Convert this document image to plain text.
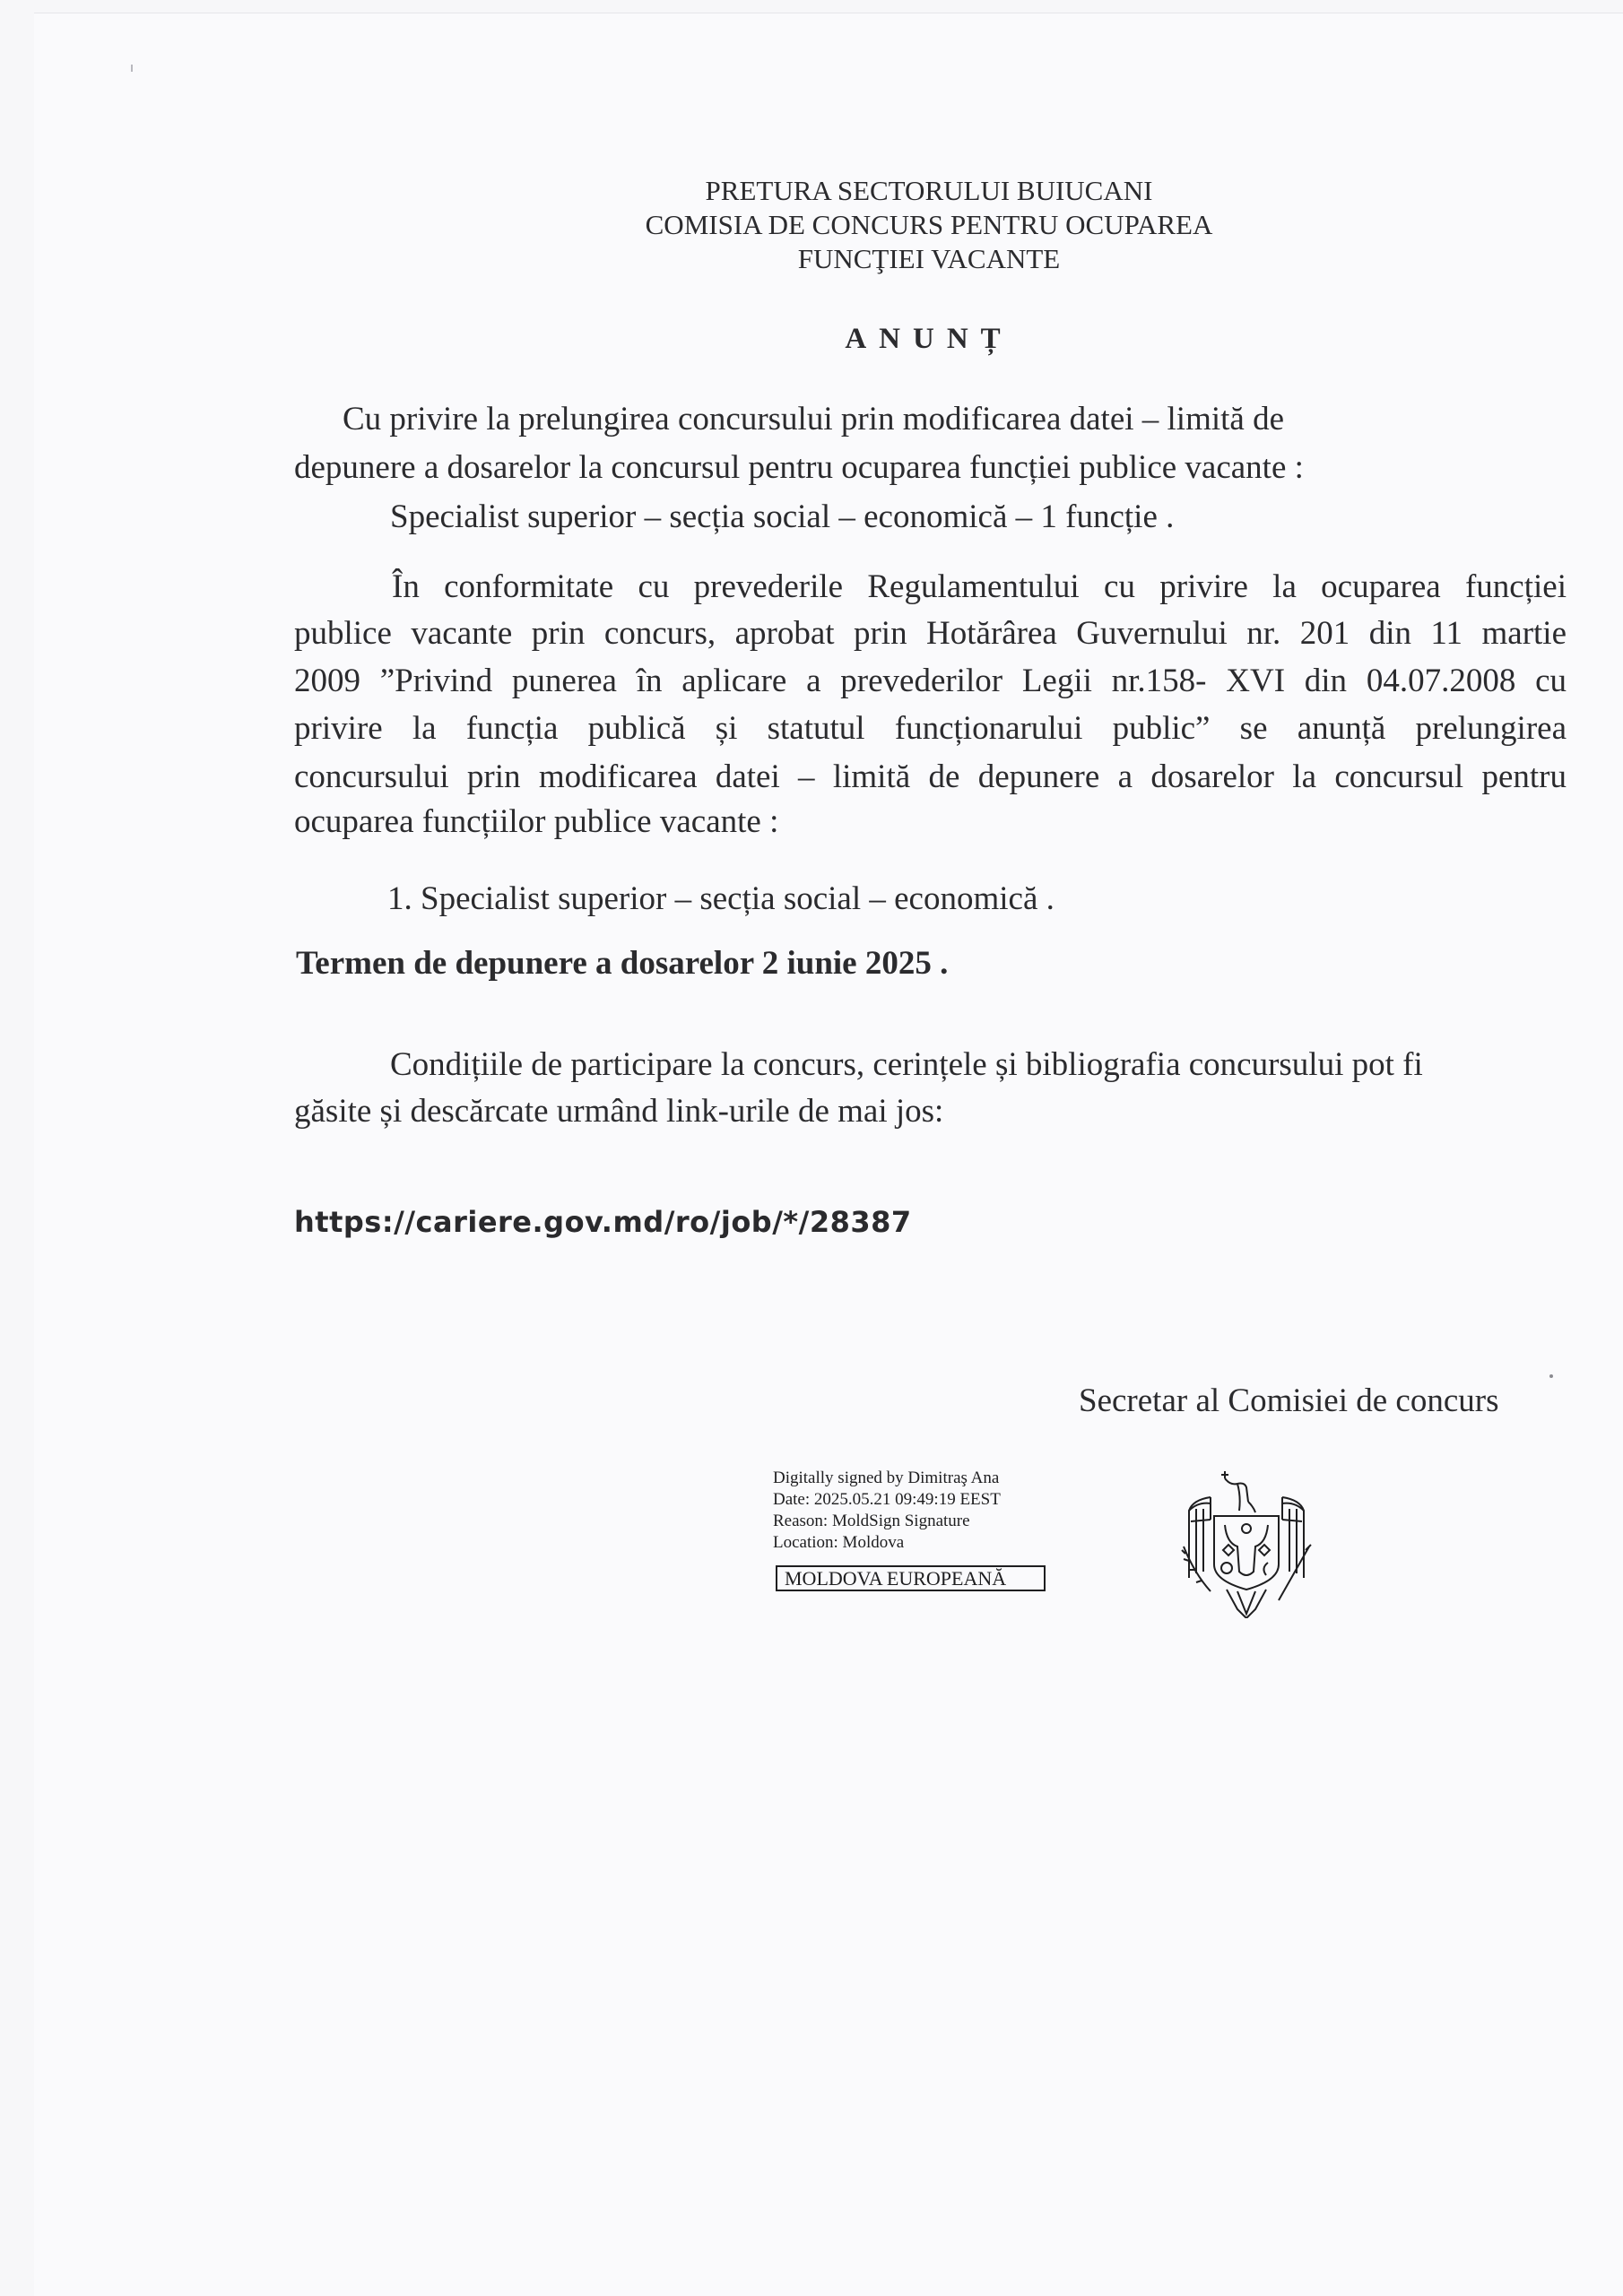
PRETURA SECTORULUI BUIUCANI
COMISIA DE CONCURS PENTRU OCUPAREA
FUNCŢIEI VACANTE
ANUNȚ
Cu privire la prelungirea concursului prin modificarea datei – limită de
depunere a dosarelor la concursul pentru ocuparea funcției publice vacante :
Specialist superior – secția social – economică – 1 funcție .
În conformitate cu prevederile Regulamentului cu privire la ocuparea funcției
publice vacante prin concurs, aprobat prin Hotărârea Guvernului nr. 201 din 11 martie
2009 ”Privind punerea în aplicare a prevederilor Legii nr.158- XVI din 04.07.2008 cu
privire la funcția publică și statutul funcționarului public” se anunță prelungirea
concursului prin modificarea datei – limită de depunere a dosarelor la concursul pentru
ocuparea funcțiilor publice vacante :
1. Specialist superior – secția social – economică .
Termen de depunere a dosarelor 2 iunie 2025 .
Condițiile de participare la concurs, cerințele și bibliografia concursului pot fi
găsite și descărcate urmând link-urile de mai jos:
https://cariere.gov.md/ro/job/*/28387
Secretar al Comisiei de concurs
Digitally signed by Dimitraş Ana
Date: 2025.05.21 09:49:19 EEST
Reason: MoldSign Signature
Location: Moldova
MOLDOVA EUROPEANĂ
